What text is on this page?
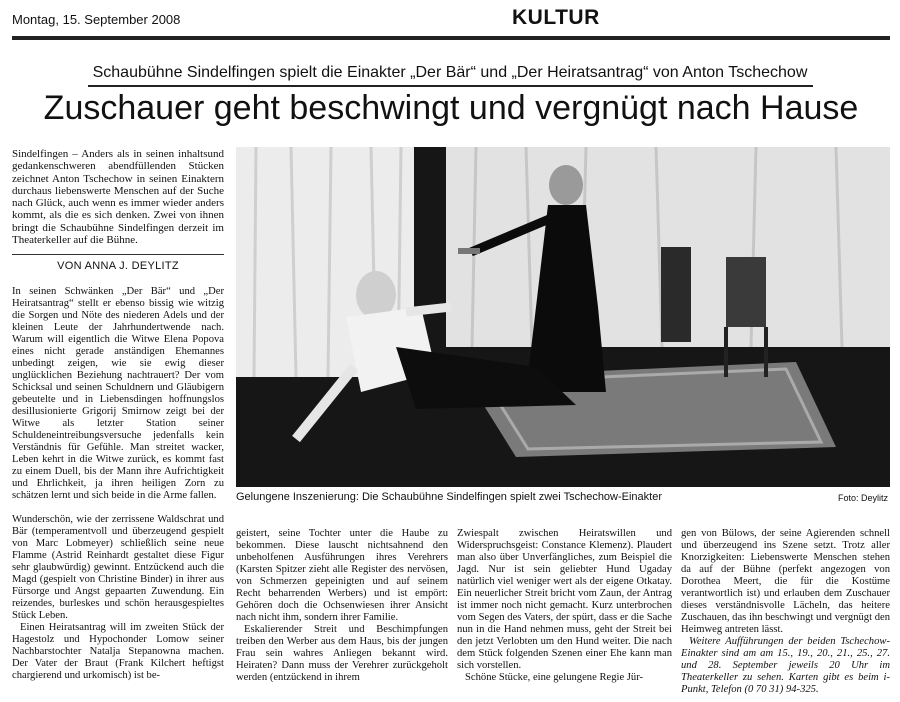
Montag, 15. September 2008	KULTUR
Schaubühne Sindelfingen spielt die Einakter „Der Bär“ und „Der Heiratsantrag“ von Anton Tschechow
Zuschauer geht beschwingt und vergnügt nach Hause

Sindelfingen – Anders als in seinen inhaltsund gedankenschweren abendfüllenden Stücken zeichnet Anton Tschechow in seinen Einaktern durchaus liebenswerte Menschen auf der Suche nach Glück, auch wenn es immer wieder anders kommt, als die es sich denken. Zwei von ihnen bringt die Schaubühne Sindelfingen derzeit im Theaterkeller auf die Bühne.

VON ANNA J. DEYLITZ

In seinen Schwänken „Der Bär“ und „Der Heiratsantrag“ stellt er ebenso bissig wie witzig die Sorgen und Nöte des niederen Adels und der kleinen Leute der Jahrhundertwende nach. Warum will eigentlich die Witwe Elena Popova eines nicht gerade anständigen Ehemannes unbedingt zeigen, wie sie ewig dieser unglücklichen Beziehung nachtrauert? Der vom Schicksal und seinen Schuldnern und Gläubigern gebeutelte und in Liebensdingen hoffnungslos desillusionierte Grigorij Smirnow zeigt bei der Witwe als letzter Station seiner Schuldeneintreibungsversuche jedenfalls kein Verständnis für Gefühle. Man streitet wacker, Leben kehrt in die Witwe zurück, es kommt fast zu einem Duell, bis der Mann ihre Aufrichtigkeit und Ehrlichkeit, ja ihren heiligen Zorn zu schätzen lernt und sich beide in die Arme fallen.

Wunderschön, wie der zerrissene Waldschrat und Bär (temperamentvoll und überzeugend gespielt von Marc Lobmeyer) schließlich seine neue Flamme (Astrid Reinhardt gestaltet diese Figur sehr glaubwürdig) gewinnt. Entzückend auch die Magd (gespielt von Christine Binder) in ihrer aus Fürsorge und Angst gepaarten Zuwendung. Ein reizendes, burleskes und schön herausgespieltes Stück Leben.

Einen Heiratsantrag will im zweiten Stück der Hagestolz und Hypochonder Lomow seiner Nachbarstochter Natalja Stepanowna machen. Der Vater der Braut (Frank Kilchert heftigst chargierend und urkomisch) ist be-

Gelungene Inszenierung: Die Schaubühne Sindelfingen spielt zwei Tschechow-Einakter	Foto: Deylitz

geistert, seine Tochter unter die Haube zu bekommen. Diese lauscht nichtsahnend den unbeholfenen Ausführungen ihres Verehrers (Karsten Spitzer zieht alle Register des nervösen, von Schmerzen gepeinigten und auf seinem Recht beharrenden Werbers) und ist empört: Gehören doch die Ochsenwiesen ihrer Ansicht nach nicht ihm, sondern ihrer Familie.

Eskalierender Streit und Beschimpfungen treiben den Werber aus dem Haus, bis der jungen Frau sein wahres Anliegen bekannt wird. Heiraten? Dann muss der Verehrer zurückgeholt werden (entzückend in ihrem

Zwiespalt zwischen Heiratswillen und Widerspruchsgeist: Constance Klemenz). Plaudert man also über Unverfängliches, zum Beispiel die Jagd. Nur ist sein geliebter Hund Ugaday natürlich viel weniger wert als der eigene Otkatay. Ein neuerlicher Streit bricht vom Zaun, der Antrag ist immer noch nicht gemacht. Kurz unterbrochen vom Segen des Vaters, der spürt, dass er die Sache nun in die Hand nehmen muss, geht der Streit bei den jetzt Verlobten um den Hund weiter. Die nach dem Stück folgenden Szenen einer Ehe kann man sich vorstellen.

Schöne Stücke, eine gelungene Regie Jür-

gen von Bülows, der seine Agierenden schnell und überzeugend ins Szene setzt. Trotz aller Knorzigkeiten: Liebenswerte Menschen stehen da auf der Bühne (perfekt angezogen von Dorothea Meert, die für die Kostüme verantwortlich ist) und erlauben dem Zuschauer dieses verständnisvolle Lächeln, das heitere Zuschauen, das ihn beschwingt und vergnügt den Heimweg antreten lässt.

Weitere Aufführungen der beiden Tschechow-Einakter sind am am 15., 19., 20., 21., 25., 27. und 28. September jeweils 20 Uhr im Theaterkeller zu sehen. Karten gibt es beim i-Punkt, Telefon (0 70 31) 94-325.
